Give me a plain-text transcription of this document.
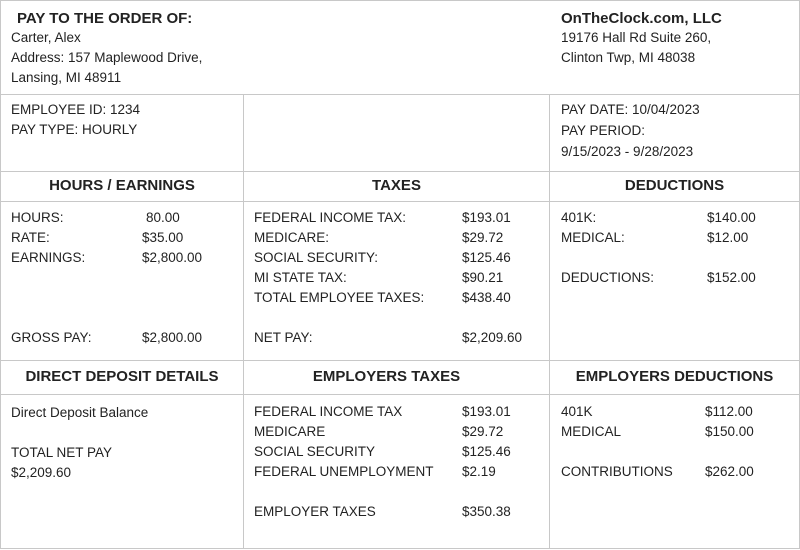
PAY TO THE ORDER OF:
Carter, Alex
Address: 157 Maplewood Drive,
Lansing, MI 48911
OnTheClock.com, LLC
19176 Hall Rd Suite 260,
Clinton Twp, MI 48038
EMPLOYEE ID: 1234
PAY TYPE: HOURLY
PAY DATE: 10/04/2023
PAY PERIOD:
9/15/2023 - 9/28/2023
HOURS / EARNINGS	TAXES	DEDUCTIONS
HOURS:	80.00
RATE:	$35.00
EARNINGS:	$2,800.00
GROSS PAY:	$2,800.00
FEDERAL INCOME TAX:	$193.01
MEDICARE:	$29.72
SOCIAL SECURITY:	$125.46
MI STATE TAX:	$90.21
TOTAL EMPLOYEE TAXES:	$438.40
NET PAY:	$2,209.60
401K:	$140.00
MEDICAL:	$12.00
DEDUCTIONS:	$152.00
DIRECT DEPOSIT DETAILS	EMPLOYERS TAXES	EMPLOYERS DEDUCTIONS
Direct Deposit Balance
TOTAL NET PAY
$2,209.60
FEDERAL INCOME TAX	$193.01
MEDICARE	$29.72
SOCIAL SECURITY	$125.46
FEDERAL UNEMPLOYMENT $2.19
EMPLOYER TAXES	$350.38
401K	$112.00
MEDICAL	$150.00
CONTRIBUTIONS $262.00
